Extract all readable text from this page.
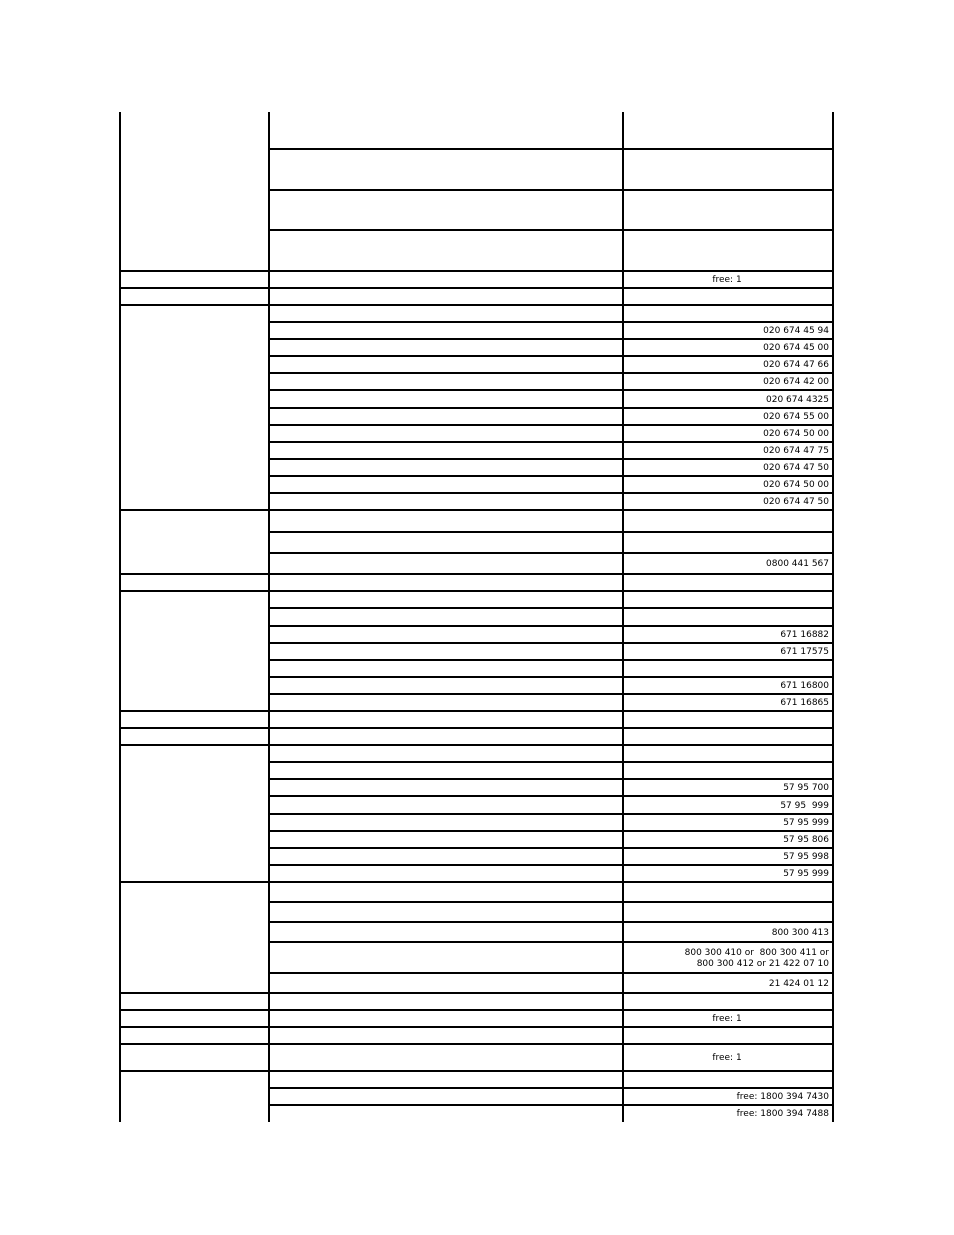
free: 1
020 674 45 94
020 674 45 00
020 674 47 66
020 674 42 00
020 674 4325
020 674 55 00
020 674 50 00
020 674 47 75
020 674 47 50
020 674 50 00
020 674 47 50
0800 441 567
671 16882
671 17575
671 16800
671 16865
57 95 700
57 95  999
57 95 999
57 95 806
57 95 998
57 95 999
800 300 413
800 300 410 or  800 300 411 or
800 300 412 or 21 422 07 10
21 424 01 12
free: 1
free: 1
free: 1800 394 7430
free: 1800 394 7488
